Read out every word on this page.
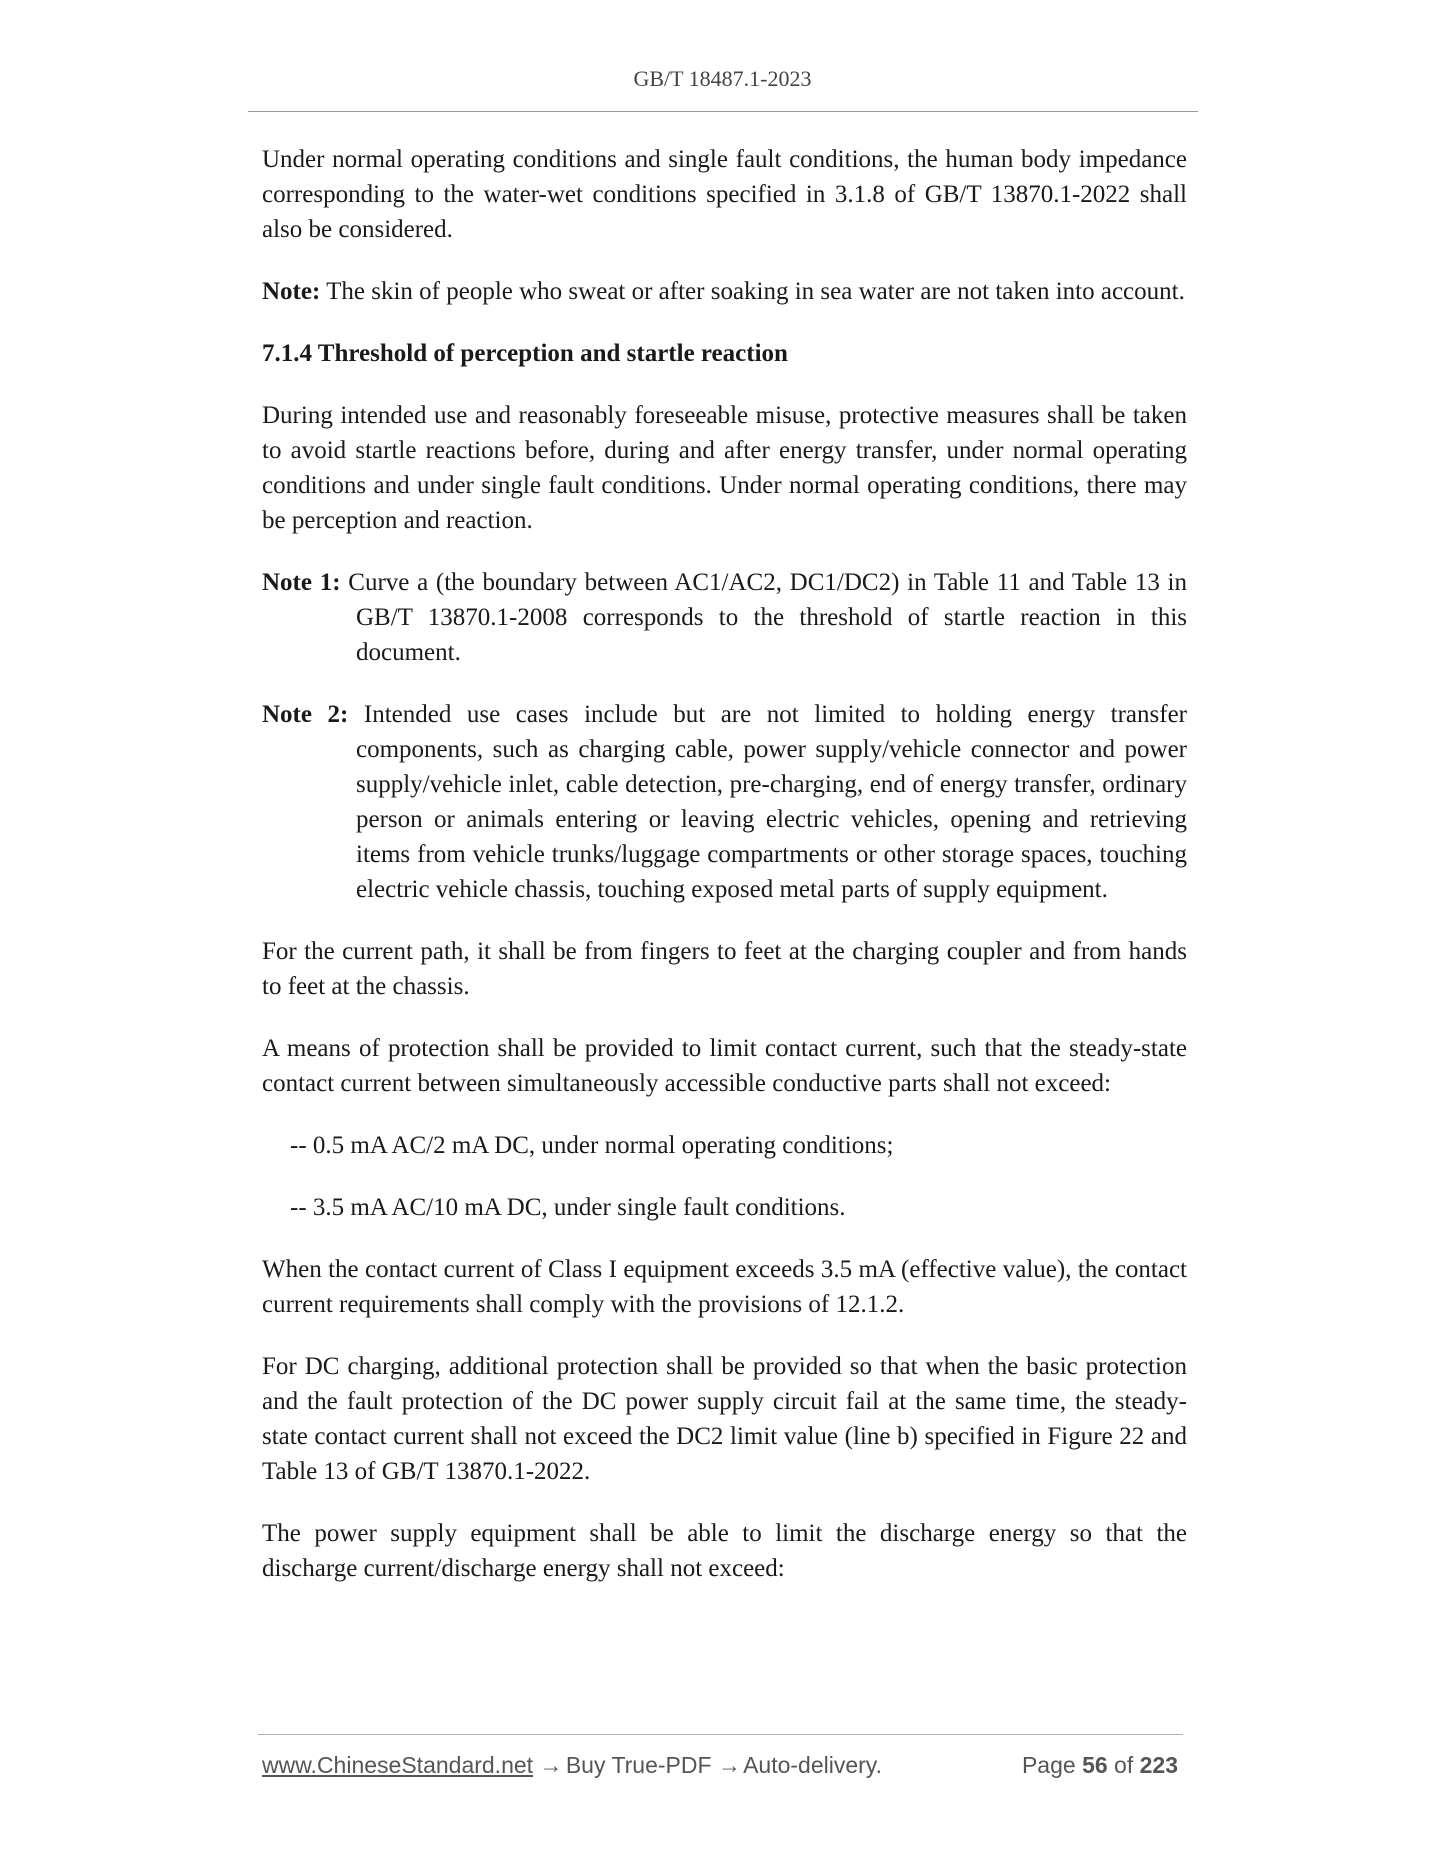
GB/T 18487.1-2023

Under normal operating conditions and single fault conditions, the human body impedance corresponding to the water-wet conditions specified in 3.1.8 of GB/T 13870.1-2022 shall also be considered.

Note: The skin of people who sweat or after soaking in sea water are not taken into account.

7.1.4 Threshold of perception and startle reaction

During intended use and reasonably foreseeable misuse, protective measures shall be taken to avoid startle reactions before, during and after energy transfer, under normal operating conditions and under single fault conditions. Under normal operating conditions, there may be perception and reaction.

Note 1: Curve a (the boundary between AC1/AC2, DC1/DC2) in Table 11 and Table 13 in GB/T 13870.1-2008 corresponds to the threshold of startle reaction in this document.

Note 2: Intended use cases include but are not limited to holding energy transfer components, such as charging cable, power supply/vehicle connector and power supply/vehicle inlet, cable detection, pre-charging, end of energy transfer, ordinary person or animals entering or leaving electric vehicles, opening and retrieving items from vehicle trunks/luggage compartments or other storage spaces, touching electric vehicle chassis, touching exposed metal parts of supply equipment.

For the current path, it shall be from fingers to feet at the charging coupler and from hands to feet at the chassis.

A means of protection shall be provided to limit contact current, such that the steady-state contact current between simultaneously accessible conductive parts shall not exceed:

-- 0.5 mA AC/2 mA DC, under normal operating conditions;

-- 3.5 mA AC/10 mA DC, under single fault conditions.

When the contact current of Class I equipment exceeds 3.5 mA (effective value), the contact current requirements shall comply with the provisions of 12.1.2.

For DC charging, additional protection shall be provided so that when the basic protection and the fault protection of the DC power supply circuit fail at the same time, the steady-state contact current shall not exceed the DC2 limit value (line b) specified in Figure 22 and Table 13 of GB/T 13870.1-2022.

The power supply equipment shall be able to limit the discharge energy so that the discharge current/discharge energy shall not exceed:

www.ChineseStandard.net → Buy True-PDF → Auto-delivery.	Page 56 of 223
